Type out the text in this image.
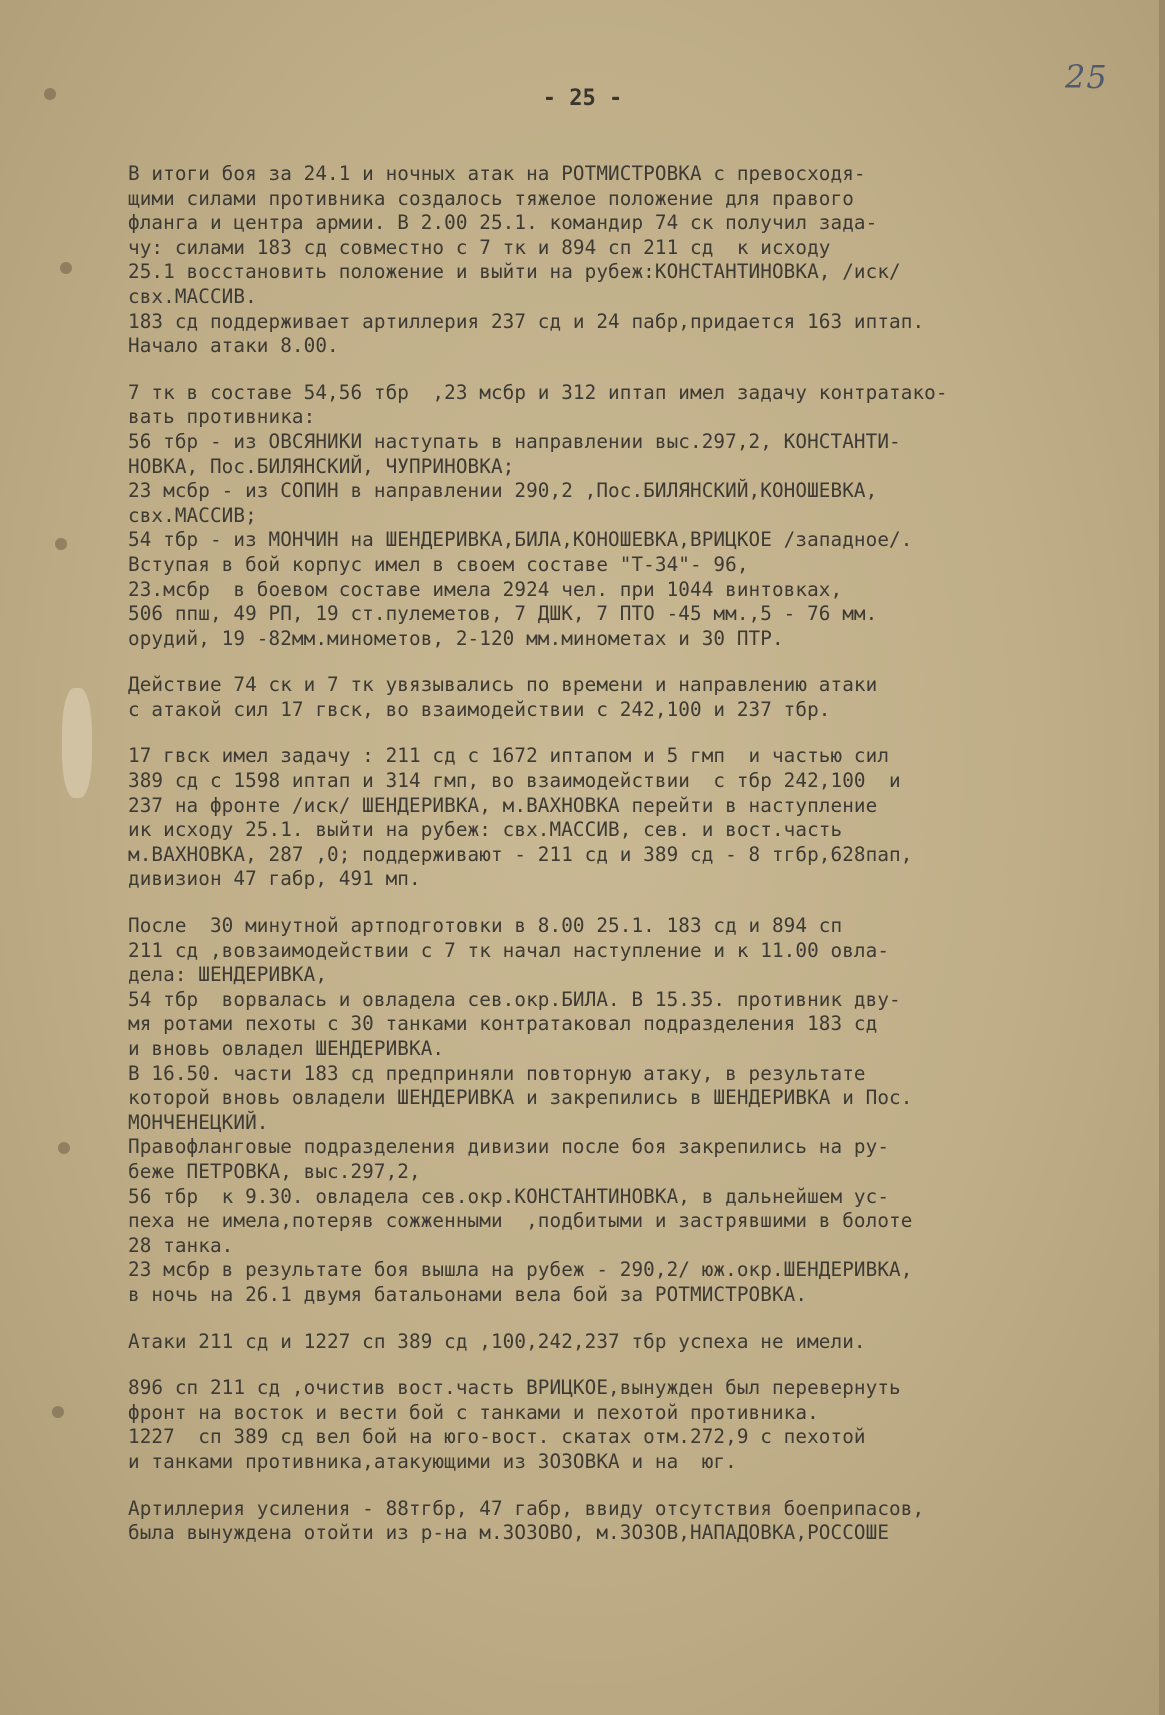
25
- 25 -
В итоги боя за 24.1 и ночных атак на РОТМИСТРОВКА с превосходя-
щими силами противника создалось тяжелое положение для правого
фланга и центра армии. В 2.00 25.1. командир 74 ск получил зада-
чу: силами 183 сд совместно с 7 тк и 894 сп 211 сд  к исходу
25.1 восстановить положение и выйти на рубеж:КОНСТАНТИНОВКА, /иск/
свх.МАССИВ.
183 сд поддерживает артиллерия 237 сд и 24 пабр,придается 163 иптап.
Начало атаки 8.00.
7 тк в составе 54,56 тбр  ,23 мсбр и 312 иптап имел задачу контратако-
вать противника:
56 тбр - из ОВСЯНИКИ наступать в направлении выс.297,2, КОНСТАНТИ-
НОВКА, Пос.БИЛЯНСКИЙ, ЧУПРИНОВКА;
23 мсбр - из СОПИН в направлении 290,2 ,Пос.БИЛЯНСКИЙ,КОНОШЕВКА,
свх.МАССИВ;
54 тбр - из МОНЧИН на ШЕНДЕРИВКА,БИЛА,КОНОШЕВКА,ВРИЦКОЕ /западное/.
Вступая в бой корпус имел в своем составе "Т-34"- 96,
23.мсбр  в боевом составе имела 2924 чел. при 1044 винтовках,
506 ппш, 49 РП, 19 ст.пулеметов, 7 ДШК, 7 ПТО -45 мм.,5 - 76 мм.
орудий, 19 -82мм.минометов, 2-120 мм.минометах и 30 ПТР.
Действие 74 ск и 7 тк увязывались по времени и направлению атаки
с атакой сил 17 гвск, во взаимодействии с 242,100 и 237 тбр.
17 гвск имел задачу : 211 сд с 1672 иптапом и 5 гмп  и частью сил
389 сд с 1598 иптап и 314 гмп, во взаимодействии  с тбр 242,100  и
237 на фронте /иск/ ШЕНДЕРИВКА, м.ВАХНОВКА перейти в наступление
ик исходу 25.1. выйти на рубеж: свх.МАССИВ, сев. и вост.часть
м.ВАХНОВКА, 287 ,0; поддерживают - 211 сд и 389 сд - 8 тгбр,628пап,
дивизион 47 габр, 491 мп.
После  30 минутной артподготовки в 8.00 25.1. 183 сд и 894 сп
211 сд ,вовзаимодействии с 7 тк начал наступление и к 11.00 овла-
дела: ШЕНДЕРИВКА,
54 тбр  ворвалась и овладела сев.окр.БИЛА. В 15.35. противник дву-
мя ротами пехоты с 30 танками контратаковал подразделения 183 сд
и вновь овладел ШЕНДЕРИВКА.
В 16.50. части 183 сд предприняли повторную атаку, в результате
которой вновь овладели ШЕНДЕРИВКА и закрепились в ШЕНДЕРИВКА и Пос.
МОНЧЕНЕЦКИЙ.
Правофланговые подразделения дивизии после боя закрепились на ру-
беже ПЕТРОВКА, выс.297,2,
56 тбр  к 9.30. овладела сев.окр.КОНСТАНТИНОВКА, в дальнейшем ус-
пеха не имела,потеряв сожженными  ,подбитыми и застрявшими в болоте
28 танка.
23 мсбр в результате боя вышла на рубеж - 290,2/ юж.окр.ШЕНДЕРИВКА,
в ночь на 26.1 двумя батальонами вела бой за РОТМИСТРОВКА.
Атаки 211 сд и 1227 сп 389 сд ,100,242,237 тбр успеха не имели.
896 сп 211 сд ,очистив вост.часть ВРИЦКОЕ,вынужден был перевернуть
фронт на восток и вести бой с танками и пехотой противника.
1227  сп 389 сд вел бой на юго-вост. скатах отм.272,9 с пехотой
и танками противника,атакующими из ЗОЗОВКА и на  юг.
Артиллерия усиления - 88тгбр, 47 габр, ввиду отсутствия боеприпасов,
была вынуждена отойти из р-на м.ЗОЗОВО, м.ЗОЗОВ,НАПАДОВКА,РОССОШЕ
